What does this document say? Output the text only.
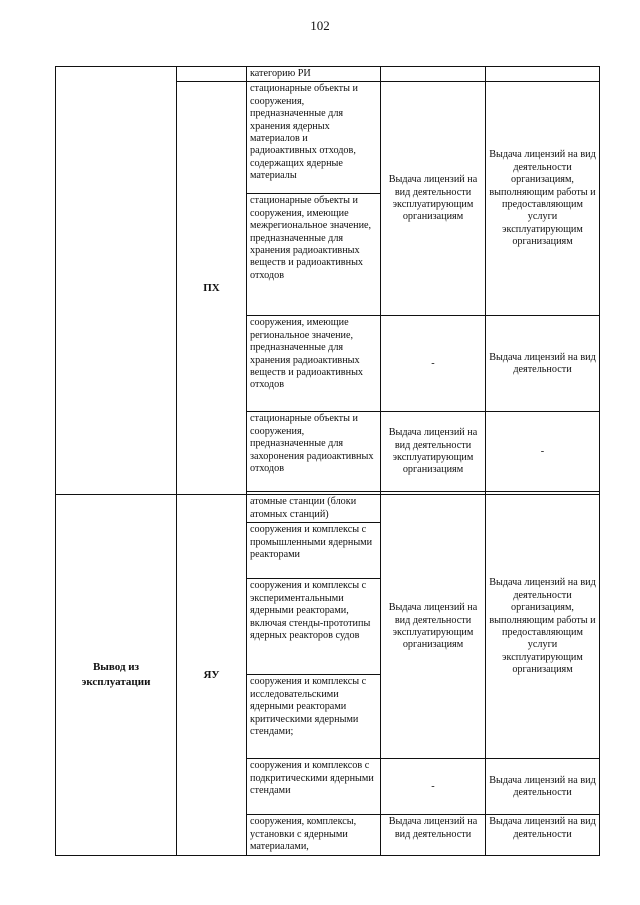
102
		категорию РИ		
	ПХ	стационарные объекты и сооружения, предназначенные для хранения ядерных материалов и радиоактивных отходов, содержащих ядерные материалы	Выдача лицензий на вид деятельности эксплуатирующим организациям	Выдача лицензий на вид деятельности организациям, выполняющим работы и предоставляющим услуги эксплуатирующим организациям
		стационарные объекты и сооружения, имеющие межрегиональное значение, предназначенные для хранения радиоактивных веществ и радиоактивных отходов		
		сооружения, имеющие региональное значение, предназначенные для хранения радиоактивных веществ и радиоактивных отходов	-	Выдача лицензий на вид деятельности
		стационарные объекты и сооружения, предназначенные для захоронения радиоактивных отходов	Выдача лицензий на вид деятельности эксплуатирующим организациям	-

Вывод из эксплуатации	ЯУ	атомные станции (блоки атомных станций)	Выдача лицензий на вид деятельности эксплуатирующим организациям	Выдача лицензий на вид деятельности организациям, выполняющим работы и предоставляющим услуги эксплуатирующим организациям
		сооружения и комплексы с промышленными ядерными реакторами		
		сооружения и комплексы с экспериментальными ядерными реакторами, включая стенды-прототипы ядерных реакторов судов		
		сооружения и комплексы с исследовательскими ядерными реакторами критическими ядерными стендами;		
		сооружения и комплексов с подкритическими ядерными стендами	-	Выдача лицензий на вид деятельности
		сооружения, комплексы, установки с ядерными материалами,	Выдача лицензий на вид деятельности	Выдача лицензий на вид деятельности
